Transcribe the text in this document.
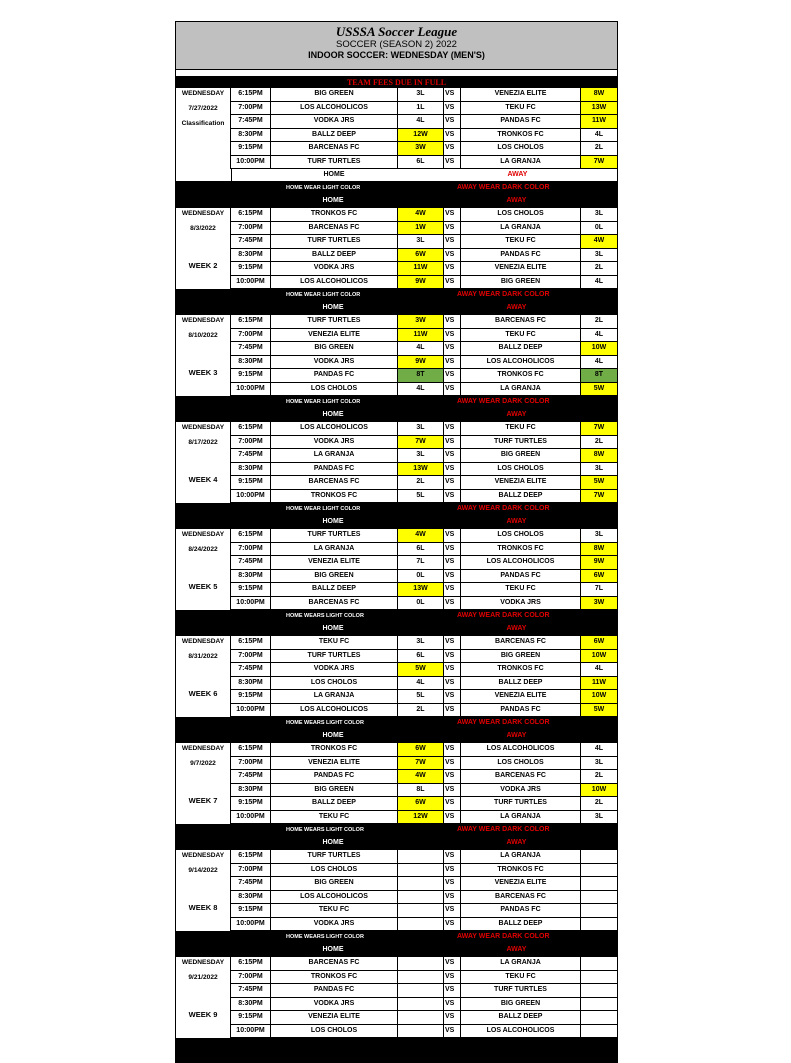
USSSA Soccer League
SOCCER (SEASON 2) 2022
INDOOR SOCCER: WEDNESDAY (MEN'S)
TEAM FEES DUE IN FULL
WEDNESDAY
7/27/2022
Classification
6:15PM	BIG GREEN	3L	VS	VENEZIA ELITE	8W
7:00PM	LOS ALCOHOLICOS	1L	VS	TEKU FC	13W
7:45PM	VODKA JRS	4L	VS	PANDAS FC	11W
8:30PM	BALLZ DEEP	12W	VS	TRONKOS FC	4L
9:15PM	BARCENAS FC	3W	VS	LOS CHOLOS	2L
10:00PM	TURF TURTLES	6L	VS	LA GRANJA	7W
HOME	AWAY
HOME WEAR LIGHT COLOR	AWAY WEAR DARK COLOR
HOME	AWAY
WEDNESDAY
8/3/2022
WEEK 2
6:15PM	TRONKOS FC	4W	VS	LOS CHOLOS	3L
7:00PM	BARCENAS FC	1W	VS	LA GRANJA	0L
7:45PM	TURF TURTLES	3L	VS	TEKU FC	4W
8:30PM	BALLZ DEEP	6W	VS	PANDAS FC	3L
9:15PM	VODKA JRS	11W	VS	VENEZIA ELITE	2L
10:00PM	LOS ALCOHOLICOS	9W	VS	BIG GREEN	4L
HOME WEAR LIGHT COLOR	AWAY WEAR DARK COLOR
HOME	AWAY
WEDNESDAY
8/10/2022
WEEK 3
6:15PM	TURF TURTLES	3W	VS	BARCENAS FC	2L
7:00PM	VENEZIA ELITE	11W	VS	TEKU FC	4L
7:45PM	BIG GREEN	4L	VS	BALLZ DEEP	10W
8:30PM	VODKA JRS	9W	VS	LOS ALCOHOLICOS	4L
9:15PM	PANDAS FC	8T	VS	TRONKOS FC	8T
10:00PM	LOS CHOLOS	4L	VS	LA GRANJA	5W
HOME WEAR LIGHT COLOR	AWAY WEAR DARK COLOR
HOME	AWAY
WEDNESDAY
8/17/2022
WEEK 4
6:15PM	LOS ALCOHOLICOS	3L	VS	TEKU FC	7W
7:00PM	VODKA JRS	7W	VS	TURF TURTLES	2L
7:45PM	LA GRANJA	3L	VS	BIG GREEN	8W
8:30PM	PANDAS FC	13W	VS	LOS CHOLOS	3L
9:15PM	BARCENAS FC	2L	VS	VENEZIA ELITE	5W
10:00PM	TRONKOS FC	5L	VS	BALLZ DEEP	7W
HOME WEAR LIGHT COLOR	AWAY WEAR DARK COLOR
HOME	AWAY
WEDNESDAY
8/24/2022
WEEK 5
6:15PM	TURF TURTLES	4W	VS	LOS CHOLOS	3L
7:00PM	LA GRANJA	6L	VS	TRONKOS FC	8W
7:45PM	VENEZIA ELITE	7L	VS	LOS ALCOHOLICOS	9W
8:30PM	BIG GREEN	0L	VS	PANDAS FC	6W
9:15PM	BALLZ DEEP	13W	VS	TEKU FC	7L
10:00PM	BARCENAS FC	0L	VS	VODKA JRS	3W
HOME WEARS LIGHT COLOR	AWAY WEAR DARK COLOR
HOME	AWAY
WEDNESDAY
8/31/2022
WEEK 6
6:15PM	TEKU FC	3L	VS	BARCENAS FC	6W
7:00PM	TURF TURTLES	6L	VS	BIG GREEN	10W
7:45PM	VODKA JRS	5W	VS	TRONKOS FC	4L
8:30PM	LOS CHOLOS	4L	VS	BALLZ DEEP	11W
9:15PM	LA GRANJA	5L	VS	VENEZIA ELITE	10W
10:00PM	LOS ALCOHOLICOS	2L	VS	PANDAS FC	5W
HOME WEARS LIGHT COLOR	AWAY WEAR DARK COLOR
HOME	AWAY
WEDNESDAY
9/7/2022
WEEK 7
6:15PM	TRONKOS FC	6W	VS	LOS ALCOHOLICOS	4L
7:00PM	VENEZIA ELITE	7W	VS	LOS CHOLOS	3L
7:45PM	PANDAS FC	4W	VS	BARCENAS FC	2L
8:30PM	BIG GREEN	8L	VS	VODKA JRS	10W
9:15PM	BALLZ DEEP	6W	VS	TURF TURTLES	2L
10:00PM	TEKU FC	12W	VS	LA GRANJA	3L
HOME WEARS LIGHT COLOR	AWAY WEAR DARK COLOR
HOME	AWAY
WEDNESDAY
9/14/2022
WEEK 8
6:15PM	TURF TURTLES	VS	LA GRANJA
7:00PM	LOS CHOLOS	VS	TRONKOS FC
7:45PM	BIG GREEN	VS	VENEZIA ELITE
8:30PM	LOS ALCOHOLICOS	VS	BARCENAS FC
9:15PM	TEKU FC	VS	PANDAS FC
10:00PM	VODKA JRS	VS	BALLZ DEEP
HOME WEARS LIGHT COLOR	AWAY WEAR DARK COLOR
HOME	AWAY
WEDNESDAY
9/21/2022
WEEK 9
6:15PM	BARCENAS FC	VS	LA GRANJA
7:00PM	TRONKOS FC	VS	TEKU FC
7:45PM	PANDAS FC	VS	TURF TURTLES
8:30PM	VODKA JRS	VS	BIG GREEN
9:15PM	VENEZIA ELITE	VS	BALLZ DEEP
10:00PM	LOS CHOLOS	VS	LOS ALCOHOLICOS
